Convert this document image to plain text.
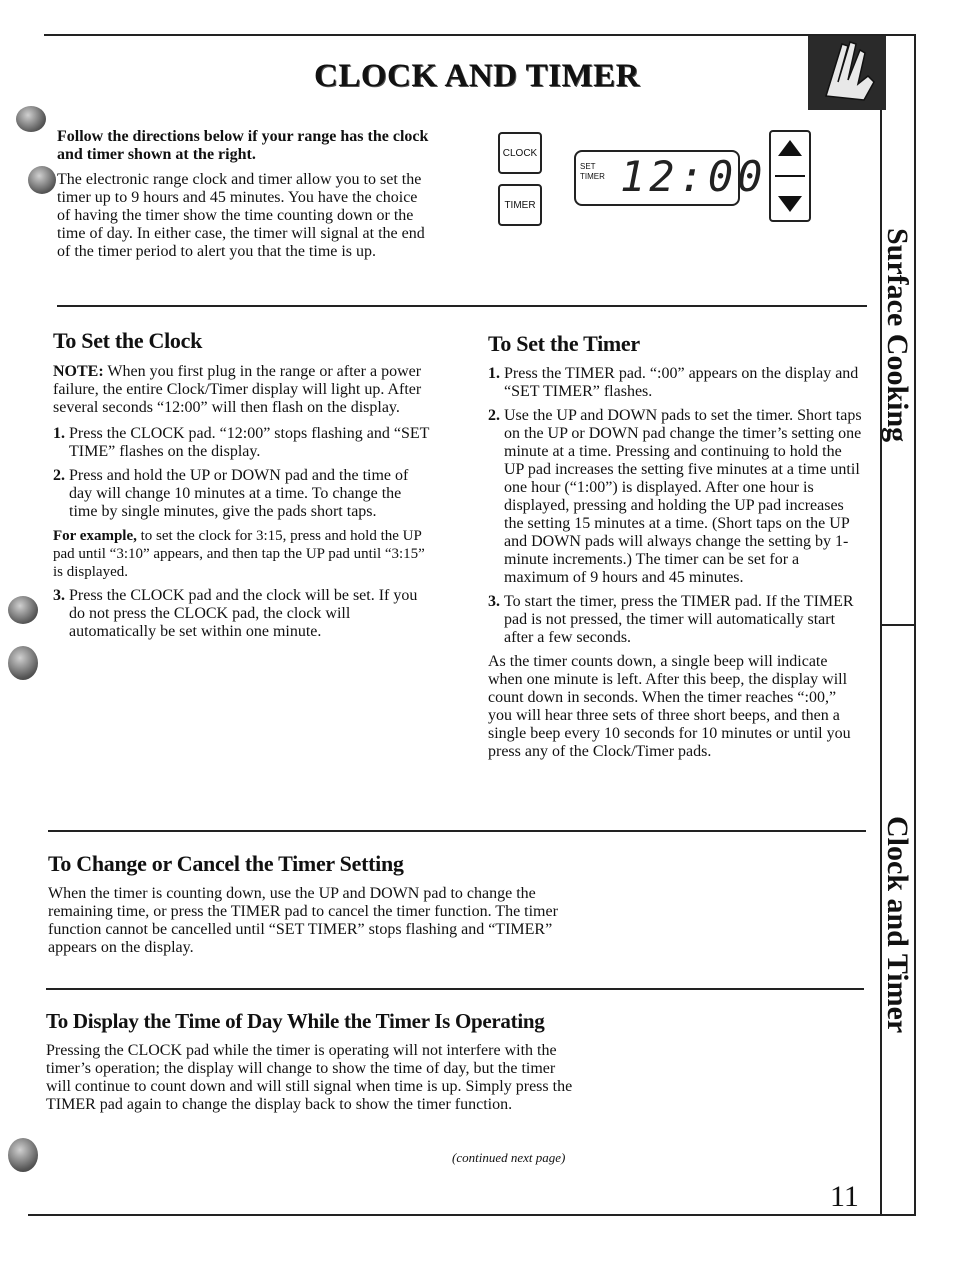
Surface Cooking
Clock and Timer
CLOCK AND TIMER
Follow the directions below if your range has the clock and timer shown at the right.
The electronic range clock and timer allow you to set the timer up to 9 hours and 45 minutes. You have the choice of having the timer show the time counting down or the time of day. In either case, the timer will signal at the end of the timer period to alert you that the time is up.
CLOCK
TIMER
SET
TIMER 12:00
To Set the Clock

NOTE: When you first plug in the range or after a power failure, the entire Clock/Timer display will light up. After several seconds “12:00” will then flash on the display.

1. Press the CLOCK pad. “12:00” stops flashing and “SET TIME” flashes on the display.
2. Press and hold the UP or DOWN pad and the time of day will change 10 minutes at a time. To change the time by single minutes, give the pads short taps.

For example, to set the clock for 3:15, press and hold the UP pad until “3:10” appears, and then tap the UP pad until “3:15” is displayed.

3. Press the CLOCK pad and the clock will be set. If you do not press the CLOCK pad, the clock will automatically be set within one minute.
To Set the Timer
1. Press the TIMER pad. “:00” appears on the display and “SET TIMER” flashes.
2. Use the UP and DOWN pads to set the timer. Short taps on the UP or DOWN pad change the timer’s setting one minute at a time. Pressing and continuing to hold the UP pad increases the setting five minutes at a time until one hour (“1:00”) is displayed. After one hour is displayed, pressing and holding the UP pad increases the setting 15 minutes at a time. (Short taps on the UP and DOWN pads will always change the setting by 1-minute increments.) The timer can be set for a maximum of 9 hours and 45 minutes.
3. To start the timer, press the TIMER pad. If the TIMER pad is not pressed, the timer will automatically start after a few seconds.

As the timer counts down, a single beep will indicate when one minute is left. After this beep, the display will count down in seconds. When the timer reaches “:00,” you will hear three sets of three short beeps, and then a single beep every 10 seconds for 10 minutes or until you press any of the Clock/Timer pads.

To Change or Cancel the Timer Setting

When the timer is counting down, use the UP and DOWN pad to change the remaining time, or press the TIMER pad to cancel the timer function. The timer function cannot be cancelled until “SET TIMER” stops flashing and “TIMER” appears on the display.

To Display the Time of Day While the Timer Is Operating

Pressing the CLOCK pad while the timer is operating will not interfere with the timer’s operation; the display will change to show the time of day, but the timer will continue to count down and will still signal when time is up. Simply press the TIMER pad again to change the display back to show the timer function.

(continued next page)
11
